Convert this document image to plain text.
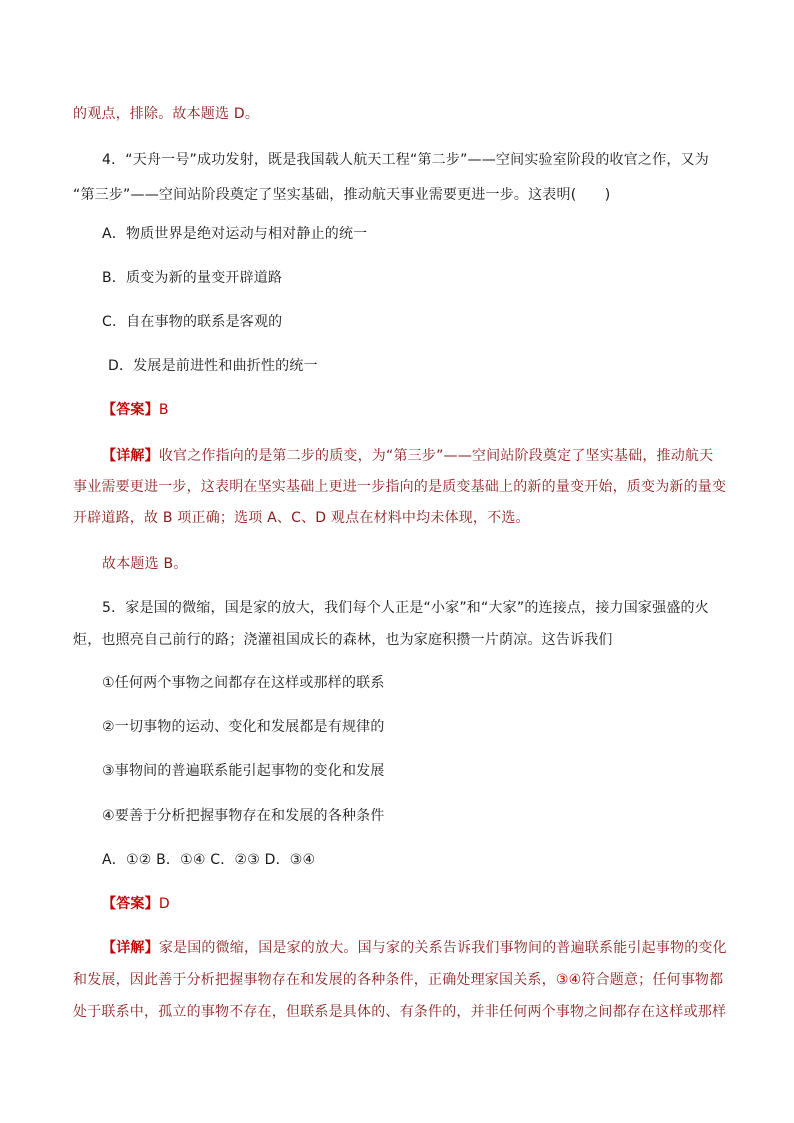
的观点，排除。故本题选 D。
4．“天舟一号”成功发射，既是我国载人航天工程“第二步”——空间实验室阶段的收官之作，又为
“第三步”——空间站阶段奠定了坚实基础，推动航天事业需要更进一步。这表明(　　)
A．物质世界是绝对运动与相对静止的统一
B．质变为新的量变开辟道路
C．自在事物的联系是客观的
D．发展是前进性和曲折性的统一
【答案】B
【详解】收官之作指向的是第二步的质变，为“第三步”——空间站阶段奠定了坚实基础，推动航天
事业需要更进一步，这表明在坚实基础上更进一步指向的是质变基础上的新的量变开始，质变为新的量变
开辟道路，故 B 项正确；选项 A、C、D 观点在材料中均未体现，不选。
故本题选 B。
5．家是国的微缩，国是家的放大，我们每个人正是“小家”和“大家”的连接点，接力国家强盛的火
炬，也照亮自己前行的路；浇灌祖国成长的森林，也为家庭积攒一片荫凉。这告诉我们
①任何两个事物之间都存在这样或那样的联系
②一切事物的运动、变化和发展都是有规律的
③事物间的普遍联系能引起事物的变化和发展
④要善于分析把握事物存在和发展的各种条件
A．①② B．①④ C．②③ D．③④
【答案】D
【详解】家是国的微缩，国是家的放大。国与家的关系告诉我们事物间的普遍联系能引起事物的变化
和发展，因此善于分析把握事物存在和发展的各种条件，正确处理家国关系，③④符合题意；任何事物都
处于联系中，孤立的事物不存在，但联系是具体的、有条件的，并非任何两个事物之间都存在这样或那样
